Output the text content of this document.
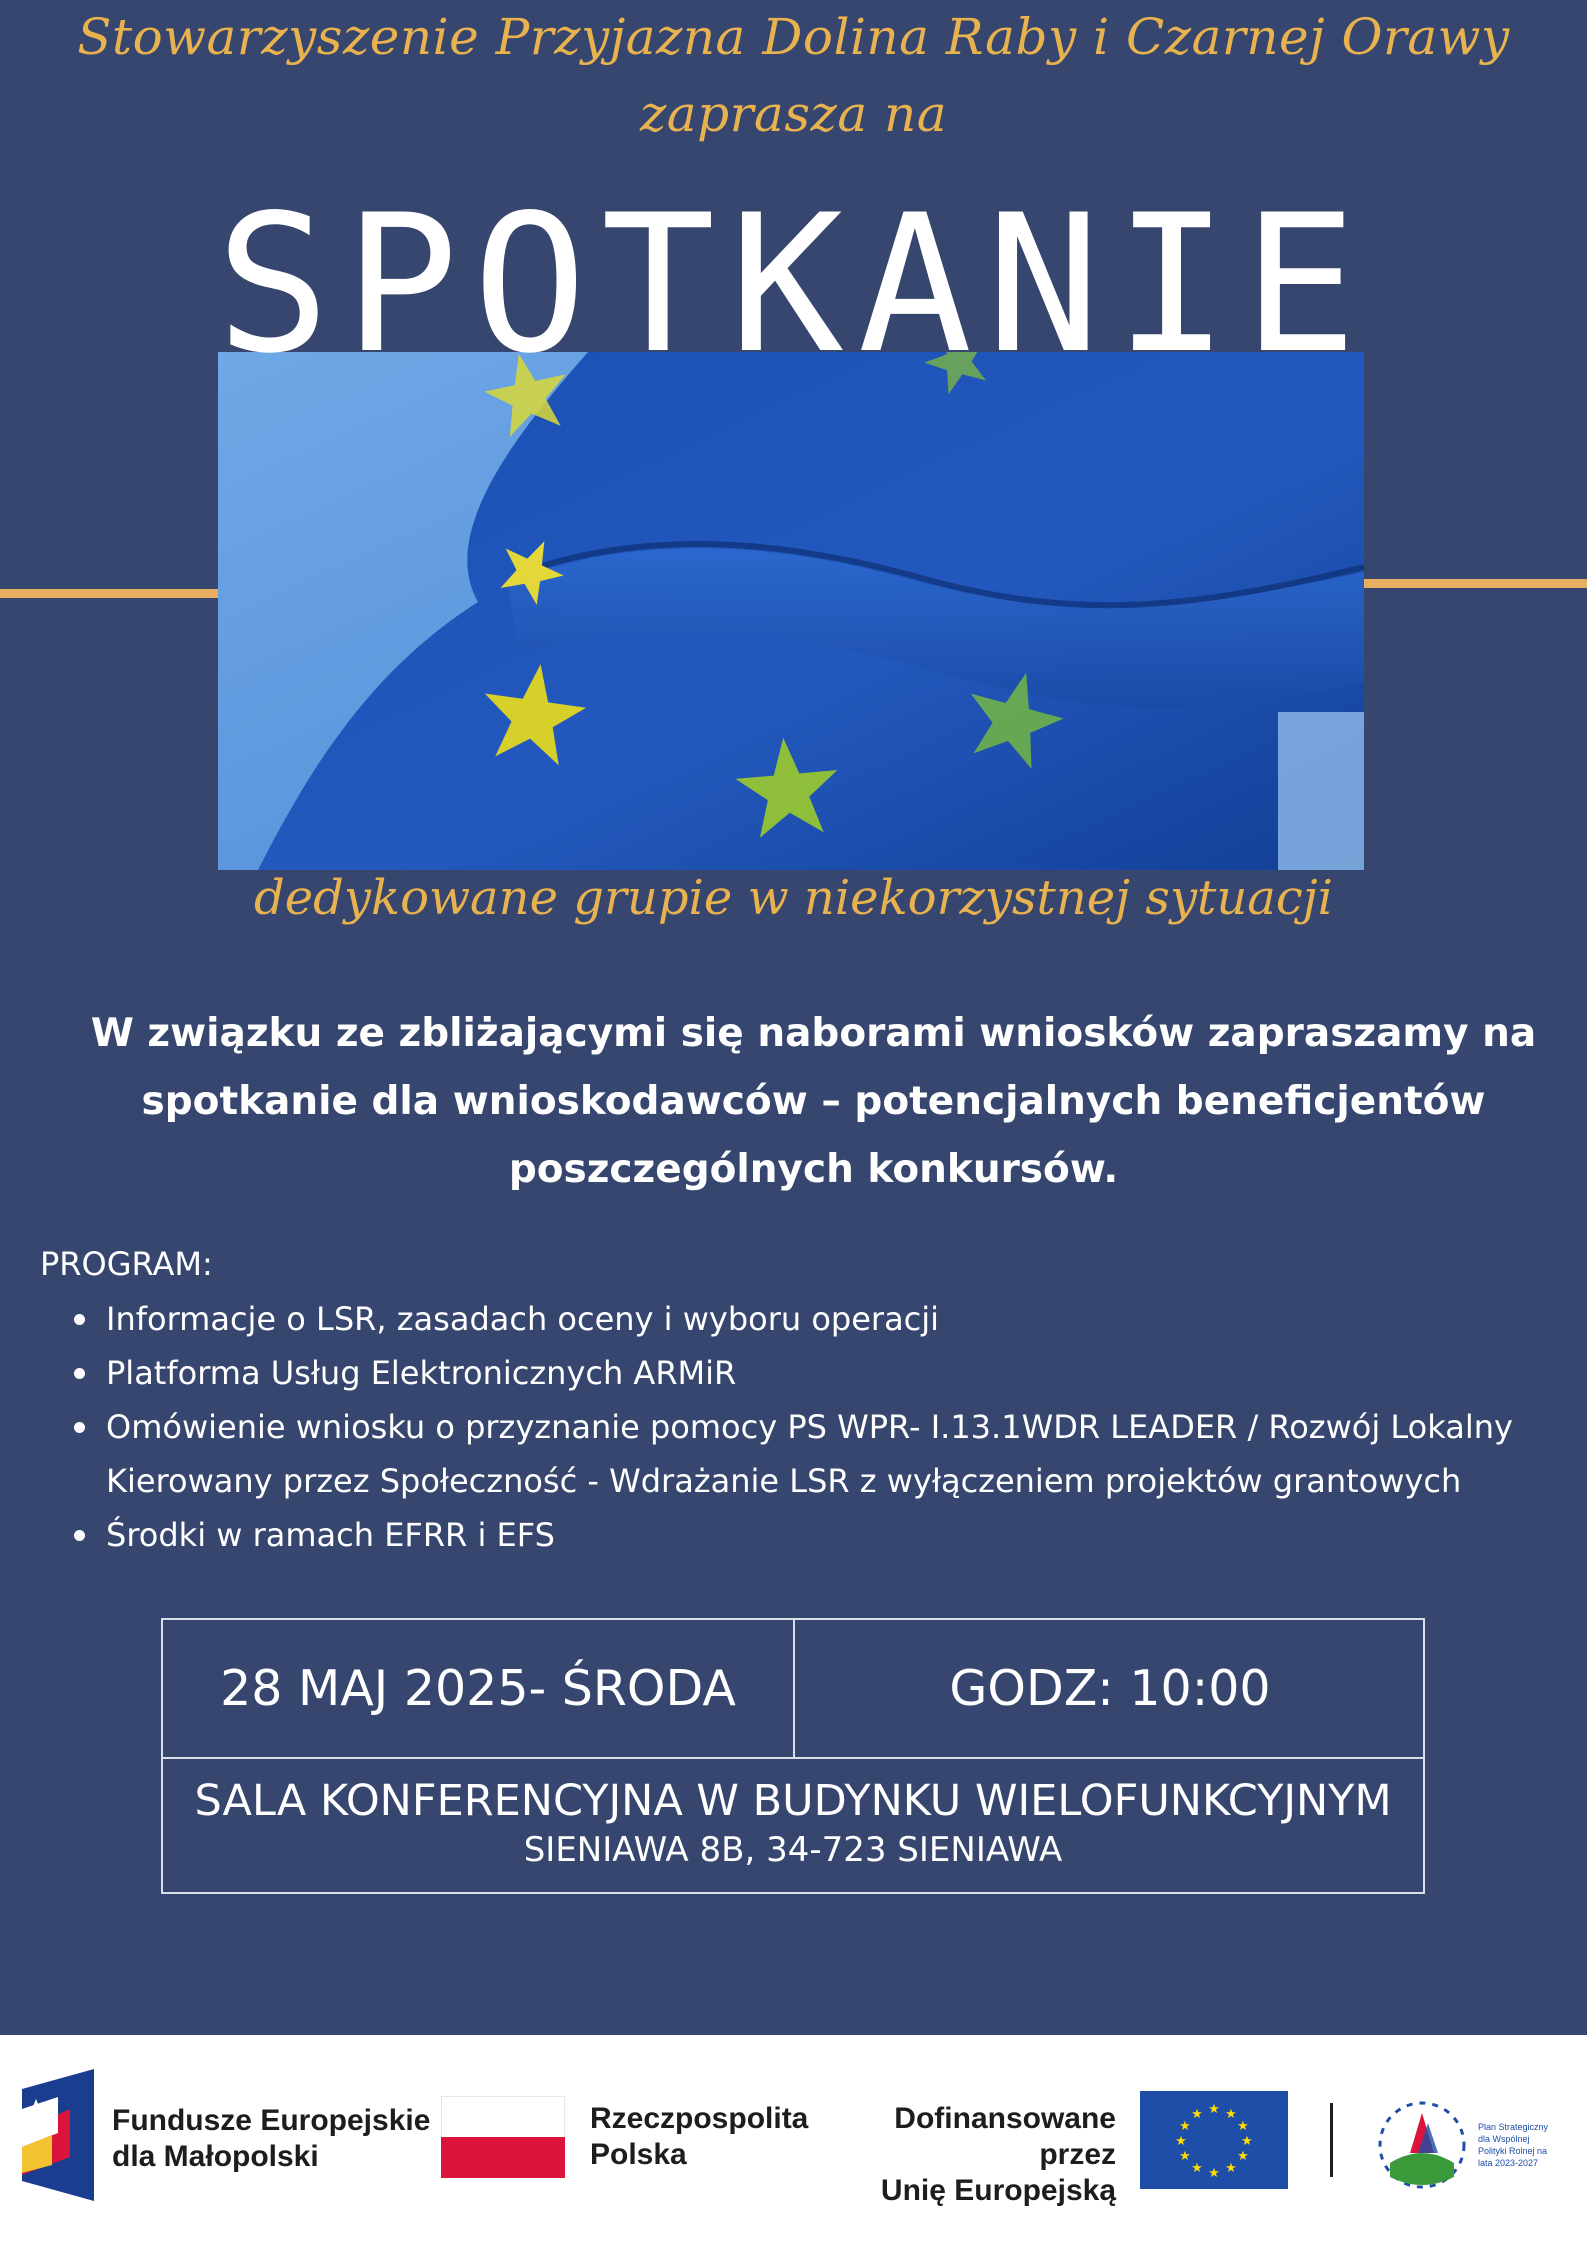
Stowarzyszenie Przyjazna Dolina Raby i Czarnej Orawy
zaprasza na
SPOTKANIE
dedykowane grupie w niekorzystnej sytuacji
W związku ze zbliżającymi się naborami wniosków zapraszamy na
spotkanie dla wnioskodawców – potencjalnych beneficjentów
poszczególnych konkursów.
PROGRAM:
Informacje o LSR, zasadach oceny i wyboru operacji
Platforma Usług Elektronicznych ARMiR
Omówienie wniosku o przyznanie pomocy PS WPR- I.13.1WDR LEADER / Rozwój Lokalny Kierowany przez Społeczność - Wdrażanie LSR z wyłączeniem projektów grantowych
Środki w ramach EFRR i EFS
28 MAJ 2025- ŚRODA	GODZ: 10:00
SALA KONFERENCYJNA W BUDYNKU WIELOFUNKCYJNYM
SIENIAWA 8B, 34-723 SIENIAWA
Fundusze Europejskie
dla Małopolski
Rzeczpospolita
Polska
Dofinansowane przez
Unię Europejską
★ ★
★
★
★
★
★
★
★
★
★
★
Plan Strategiczny dla Wspólnej Polityki Rolnej na lata 2023-2027
